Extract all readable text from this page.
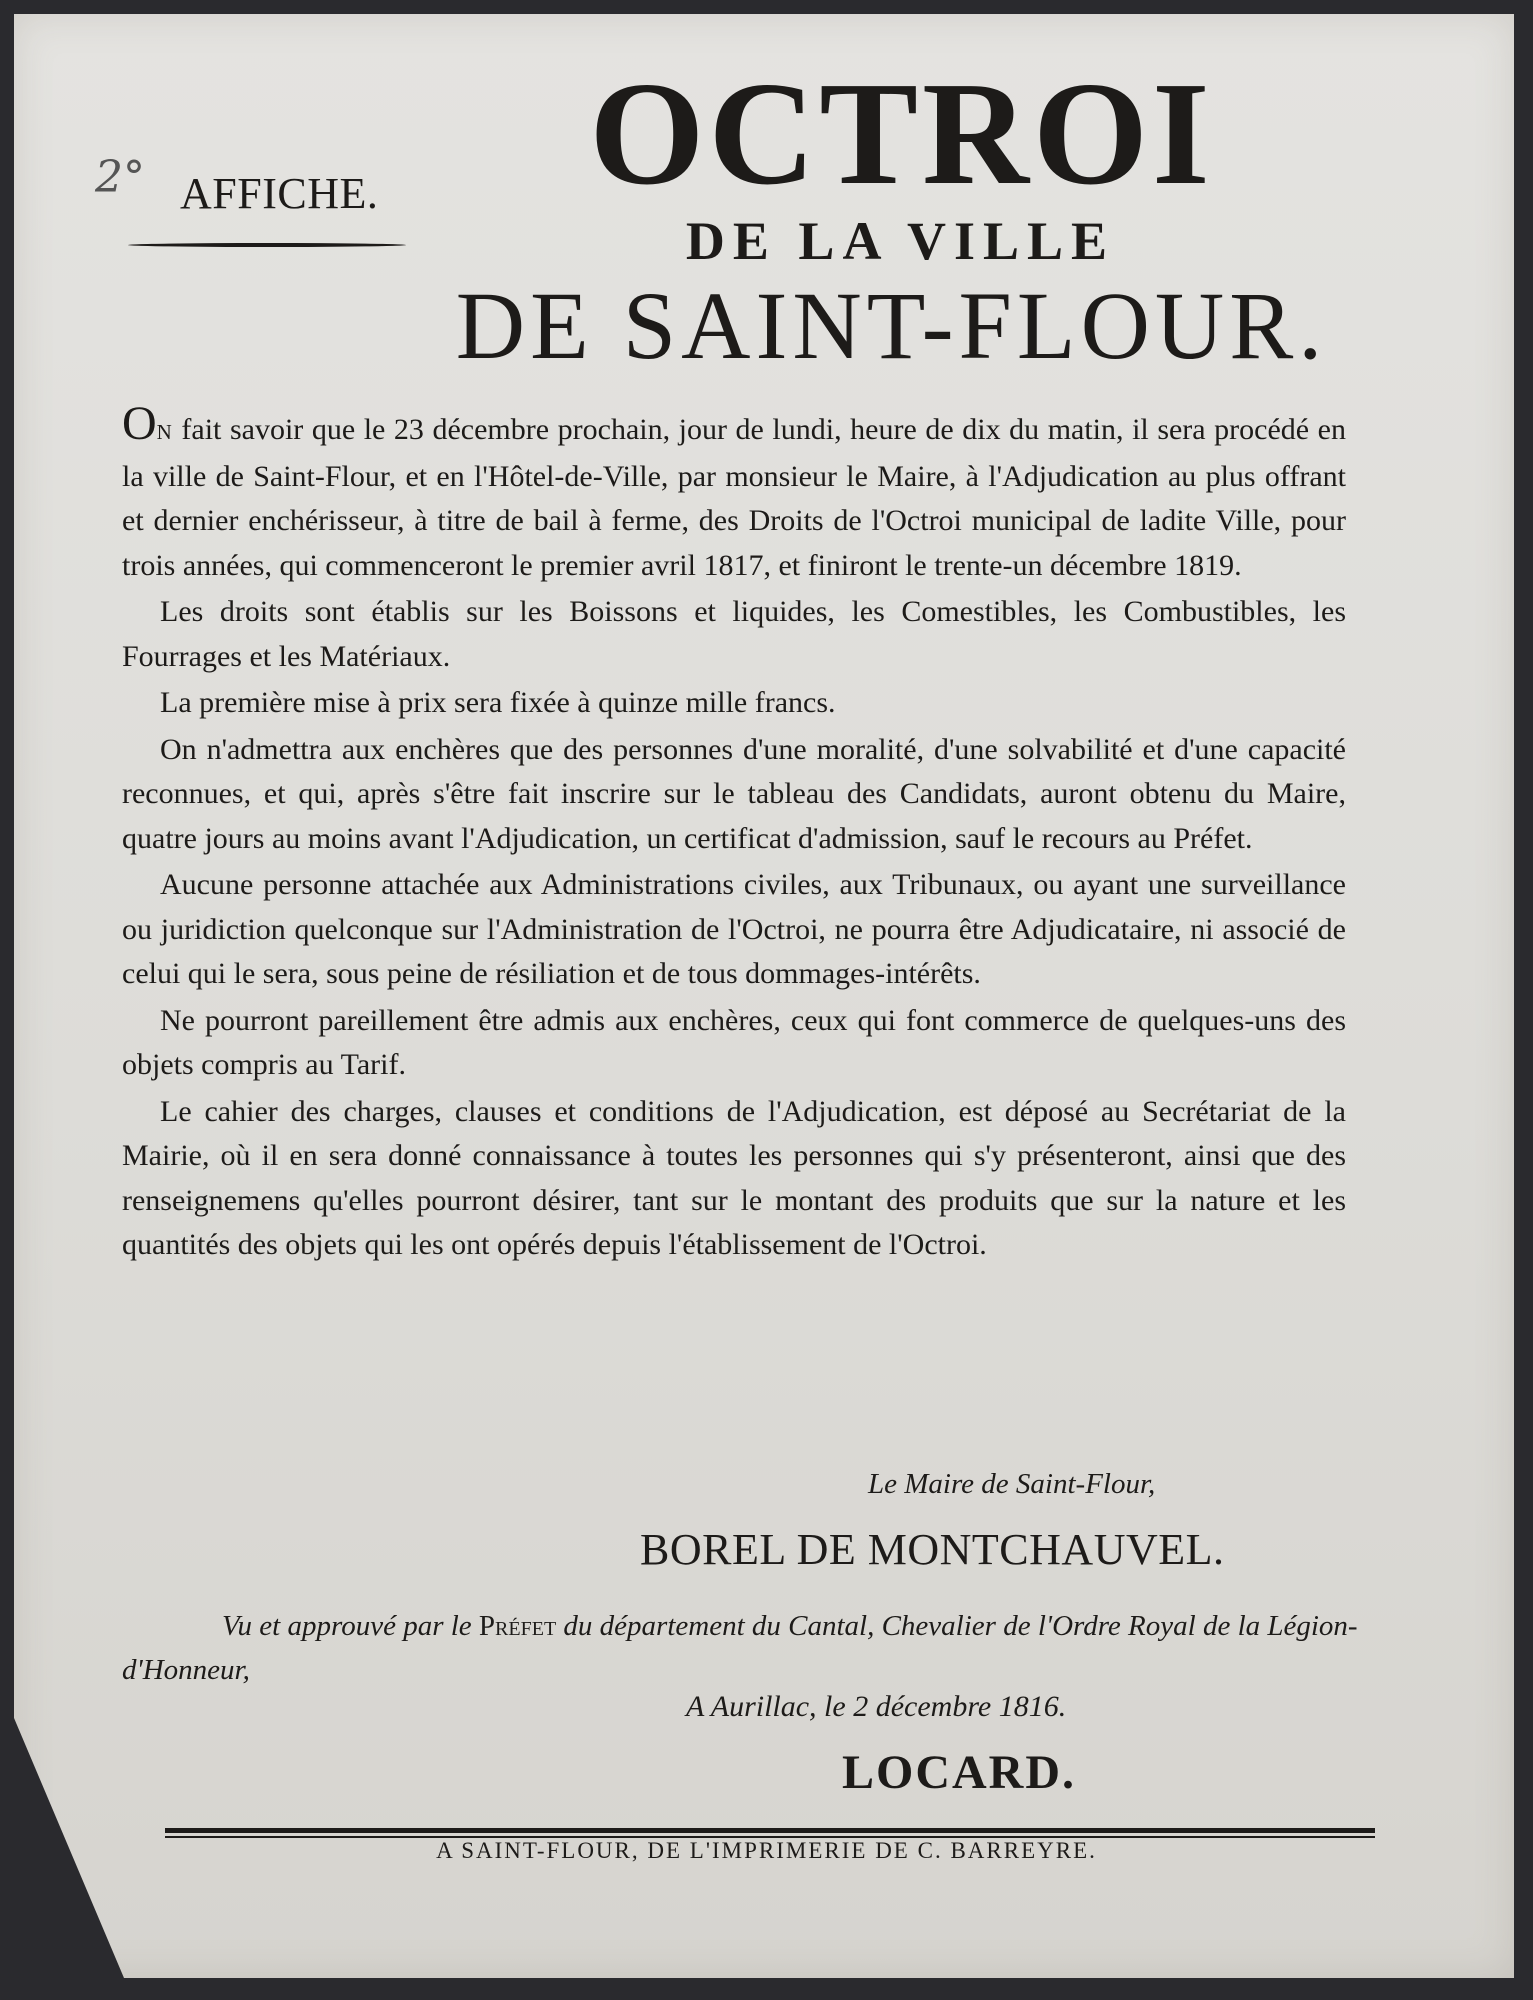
2° AFFICHE.	OCTROI
DE LA VILLE
DE SAINT-FLOUR.

ON fait savoir que le 23 décembre prochain, jour de lundi, heure de dix du matin, il sera procédé en la ville de Saint-Flour, et en l'Hôtel-de-Ville, par monsieur le Maire, à l'Adjudication au plus offrant et dernier enchérisseur, à titre de bail à ferme, des Droits de l'Octroi municipal de ladite Ville, pour trois années, qui commenceront le premier avril 1817, et finiront le trente-un décembre 1819.

Les droits sont établis sur les Boissons et liquides, les Comestibles, les Combustibles, les Fourrages et les Matériaux.

La première mise à prix sera fixée à quinze mille francs.

On n'admettra aux enchères que des personnes d'une moralité, d'une solvabilité et d'une capacité reconnues, et qui, après s'être fait inscrire sur le tableau des Candidats, auront obtenu du Maire, quatre jours au moins avant l'Adjudication, un certificat d'admission, sauf le recours au Préfet.

Aucune personne attachée aux Administrations civiles, aux Tribunaux, ou ayant une surveillance ou juridiction quelconque sur l'Administration de l'Octroi, ne pourra être Adjudicataire, ni associé de celui qui le sera, sous peine de résiliation et de tous dommages-intérêts.

Ne pourront pareillement être admis aux enchères, ceux qui font commerce de quelques-uns des objets compris au Tarif.

Le cahier des charges, clauses et conditions de l'Adjudication, est déposé au Secrétariat de la Mairie, où il en sera donné connaissance à toutes les personnes qui s'y présenteront, ainsi que des renseignemens qu'elles pourront désirer, tant sur le montant des produits que sur la nature et les quantités des objets qui les ont opérés depuis l'établissement de l'Octroi.

Le Maire de Saint-Flour,
BOREL DE MONTCHAUVEL.
Vu et approuvé par le Préfet du département du Cantal, Chevalier de l'Ordre Royal de la Légion-d'Honneur,
A Aurillac, le 2 décembre 1816.
LOCARD.
A SAINT-FLOUR, DE L'IMPRIMERIE DE C. BARREYRE.
